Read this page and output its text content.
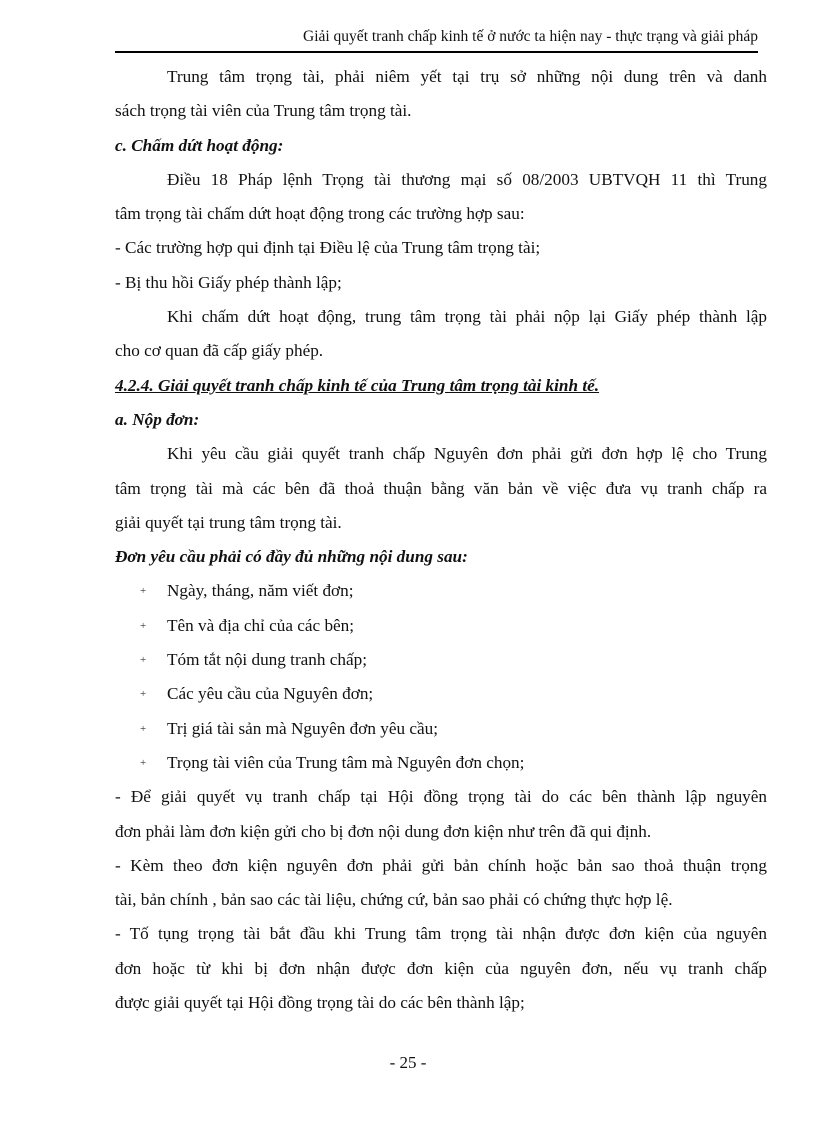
Giải quyết tranh chấp kinh tế ở nước ta hiện nay - thực trạng và giải pháp
Trung tâm trọng tài, phải niêm yết tại trụ sở những nội dung trên và danh
sách trọng tài viên của Trung tâm trọng tài.
c. Chấm dứt hoạt động:
Điều 18 Pháp lệnh Trọng tài thương mại số 08/2003 UBTVQH 11 thì Trung
tâm trọng tài chấm dứt hoạt động trong các trường hợp sau:
- Các trường hợp qui định tại Điều lệ của Trung tâm trọng tài;
- Bị thu hồi Giấy phép thành lập;
Khi chấm dứt hoạt động, trung tâm trọng tài phải nộp lại Giấy phép thành lập
cho cơ quan đã cấp giấy phép.
4.2.4. Giải quyết tranh chấp kinh tế của Trung tâm trọng tài kinh tế.
a. Nộp đơn:
Khi yêu cầu giải quyết tranh chấp Nguyên đơn phải gửi đơn hợp lệ cho Trung
tâm trọng tài mà các bên đã thoả thuận bằng văn bản về việc đưa vụ tranh chấp ra
giải quyết tại trung tâm trọng tài.
Đơn yêu cầu phải có đầy đủ những nội dung sau:
+ Ngày, tháng, năm viết đơn;
+ Tên và địa chỉ của các bên;
+ Tóm tắt nội dung tranh chấp;
+ Các yêu cầu của Nguyên đơn;
+ Trị giá tài sản mà Nguyên đơn yêu cầu;
+ Trọng tài viên của Trung tâm mà Nguyên đơn chọn;
- Để giải quyết vụ tranh chấp tại Hội đồng trọng tài do các bên thành lập nguyên
đơn phải làm đơn kiện gửi cho bị đơn nội dung đơn kiện như trên đã qui định.
- Kèm theo đơn kiện nguyên đơn phải gửi bản chính hoặc bản sao thoả thuận trọng
tài, bản chính , bản sao các tài liệu, chứng cứ, bản sao phải có chứng thực hợp lệ.
- Tố tụng trọng tài bắt đầu khi Trung tâm trọng tài nhận được đơn kiện của nguyên
đơn hoặc từ khi bị đơn nhận được đơn kiện của nguyên đơn, nếu vụ tranh chấp
được giải quyết tại Hội đồng trọng tài do các bên thành lập;
- 25 -
